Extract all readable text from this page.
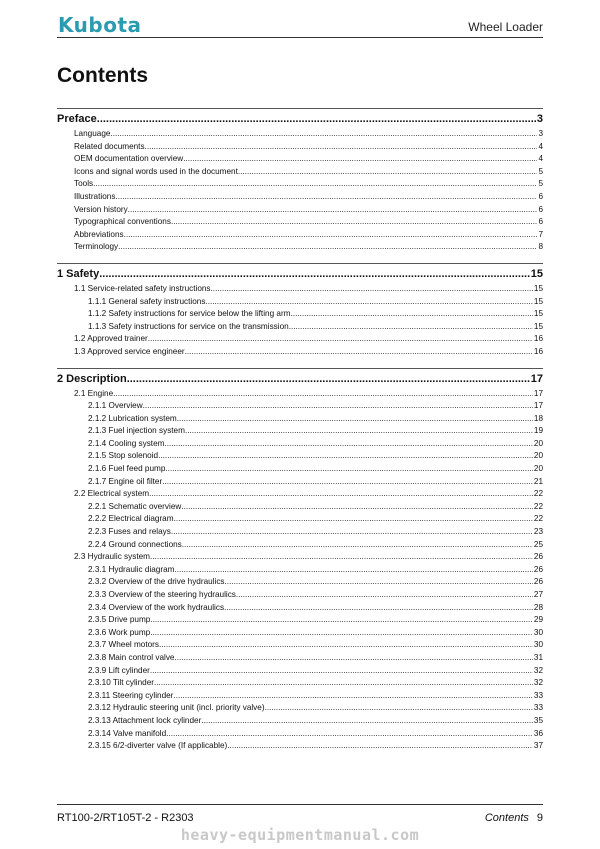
Kubota	Wheel Loader
Contents
Preface .....	3
Language .....	3
Related documents .....	4
OEM documentation overview .....	4
Icons and signal words used in the document .....	5
Tools .....	5
Illustrations .....	6
Version history .....	6
Typographical conventions .....	6
Abbreviations .....	7
Terminology .....	8
1 Safety .....	15
1.1 Service-related safety instructions .....	15
1.1.1 General safety instructions .....	15
1.1.2 Safety instructions for service below the lifting arm .....	15
1.1.3 Safety instructions for service on the transmission .....	15
1.2 Approved trainer .....	16
1.3 Approved service engineer .....	16
2 Description .....	17
2.1 Engine .....	17
2.1.1 Overview .....	17
2.1.2 Lubrication system .....	18
2.1.3 Fuel injection system .....	19
2.1.4 Cooling system .....	20
2.1.5 Stop solenoid .....	20
2.1.6 Fuel feed pump .....	20
2.1.7 Engine oil filter .....	21
2.2 Electrical system .....	22
2.2.1 Schematic overview .....	22
2.2.2 Electrical diagram .....	22
2.2.3 Fuses and relays .....	23
2.2.4 Ground connections .....	25
2.3 Hydraulic system .....	26
2.3.1 Hydraulic diagram .....	26
2.3.2 Overview of the drive hydraulics .....	26
2.3.3 Overview of the steering hydraulics .....	27
2.3.4 Overview of the work hydraulics .....	28
2.3.5 Drive pump .....	29
2.3.6 Work pump .....	30
2.3.7 Wheel motors .....	30
2.3.8 Main control valve .....	31
2.3.9 Lift cylinder .....	32
2.3.10 Tilt cylinder .....	32
2.3.11 Steering cylinder .....	33
2.3.12 Hydraulic steering unit (incl. priority valve) .....	33
2.3.13 Attachment lock cylinder .....	35
2.3.14 Valve manifold .....	36
2.3.15 6/2-diverter valve (If applicable) .....	37
RT100-2/RT105T-2 - R2303	Contents 9
heavy-equipmentmanual.com
